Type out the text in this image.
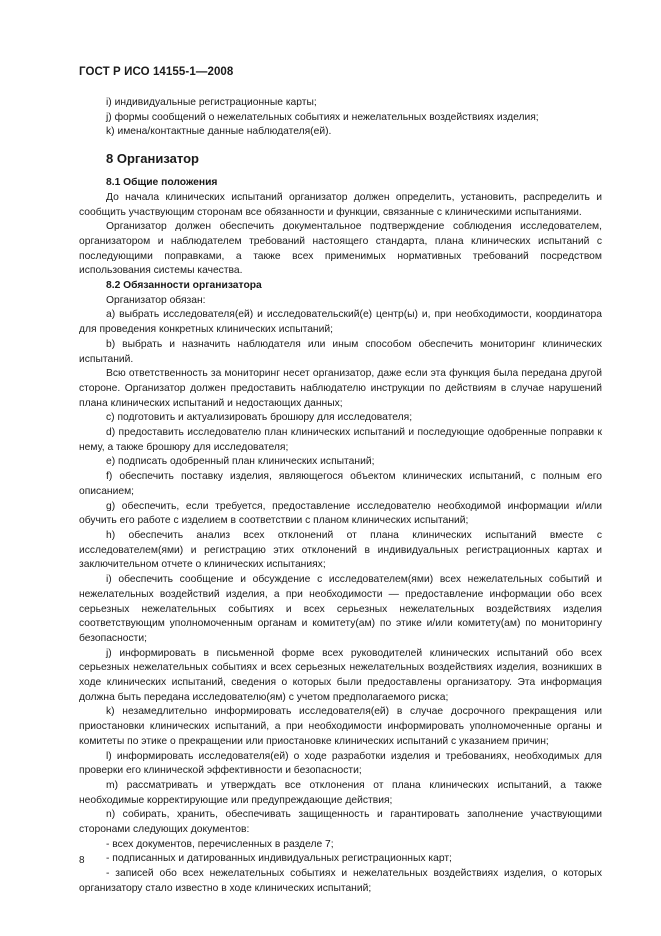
ГОСТ Р ИСО 14155-1—2008

i) индивидуальные регистрационные карты;

j) формы сообщений о нежелательных событиях и нежелательных воздействиях изделия;

k) имена/контактные данные наблюдателя(ей).

8 Организатор
8.1 Общие положения

До начала клинических испытаний организатор должен определить, установить, распределить и сообщить участвующим сторонам все обязанности и функции, связанные с клиническими испытаниями.

Организатор должен обеспечить документальное подтверждение соблюдения исследователем, организатором и наблюдателем требований настоящего стандарта, плана клинических испытаний с последующими поправками, а также всех применимых нормативных требований посредством использования системы качества.

8.2 Обязанности организатора

Организатор обязан:

a) выбрать исследователя(ей) и исследовательский(е) центр(ы) и, при необходимости, координатора для проведения конкретных клинических испытаний;

b) выбрать и назначить наблюдателя или иным способом обеспечить мониторинг клинических испытаний.

Всю ответственность за мониторинг несет организатор, даже если эта функция была передана другой стороне. Организатор должен предоставить наблюдателю инструкции по действиям в случае нарушений плана клинических испытаний и недостающих данных;

c) подготовить и актуализировать брошюру для исследователя;

d) предоставить исследователю план клинических испытаний и последующие одобренные поправки к нему, а также брошюру для исследователя;

e) подписать одобренный план клинических испытаний;

f) обеспечить поставку изделия, являющегося объектом клинических испытаний, с полным его описанием;

g) обеспечить, если требуется, предоставление исследователю необходимой информации и/или обучить его работе с изделием в соответствии с планом клинических испытаний;

h) обеспечить анализ всех отклонений от плана клинических испытаний вместе с исследователем(ями) и регистрацию этих отклонений в индивидуальных регистрационных картах и заключительном отчете о клинических испытаниях;

i) обеспечить сообщение и обсуждение с исследователем(ями) всех нежелательных событий и нежелательных воздействий изделия, а при необходимости — предоставление информации обо всех серьезных нежелательных событиях и всех серьезных нежелательных воздействиях изделия соответствующим уполномоченным органам и комитету(ам) по этике и/или комитету(ам) по мониторингу безопасности;

j) информировать в письменной форме всех руководителей клинических испытаний обо всех серьезных нежелательных событиях и всех серьезных нежелательных воздействиях изделия, возникших в ходе клинических испытаний, сведения о которых были предоставлены организатору. Эта информация должна быть передана исследователю(ям) с учетом предполагаемого риска;

k) незамедлительно информировать исследователя(ей) в случае досрочного прекращения или приостановки клинических испытаний, а при необходимости информировать уполномоченные органы и комитеты по этике о прекращении или приостановке клинических испытаний с указанием причин;

l) информировать исследователя(ей) о ходе разработки изделия и требованиях, необходимых для проверки его клинической эффективности и безопасности;

m) рассматривать и утверждать все отклонения от плана клинических испытаний, а также необходимые корректирующие или предупреждающие действия;

n) собирать, хранить, обеспечивать защищенность и гарантировать заполнение участвующими сторонами следующих документов:

- всех документов, перечисленных в разделе 7;

- подписанных и датированных индивидуальных регистрационных карт;

- записей обо всех нежелательных событиях и нежелательных воздействиях изделия, о которых организатору стало известно в ходе клинических испытаний;

8
